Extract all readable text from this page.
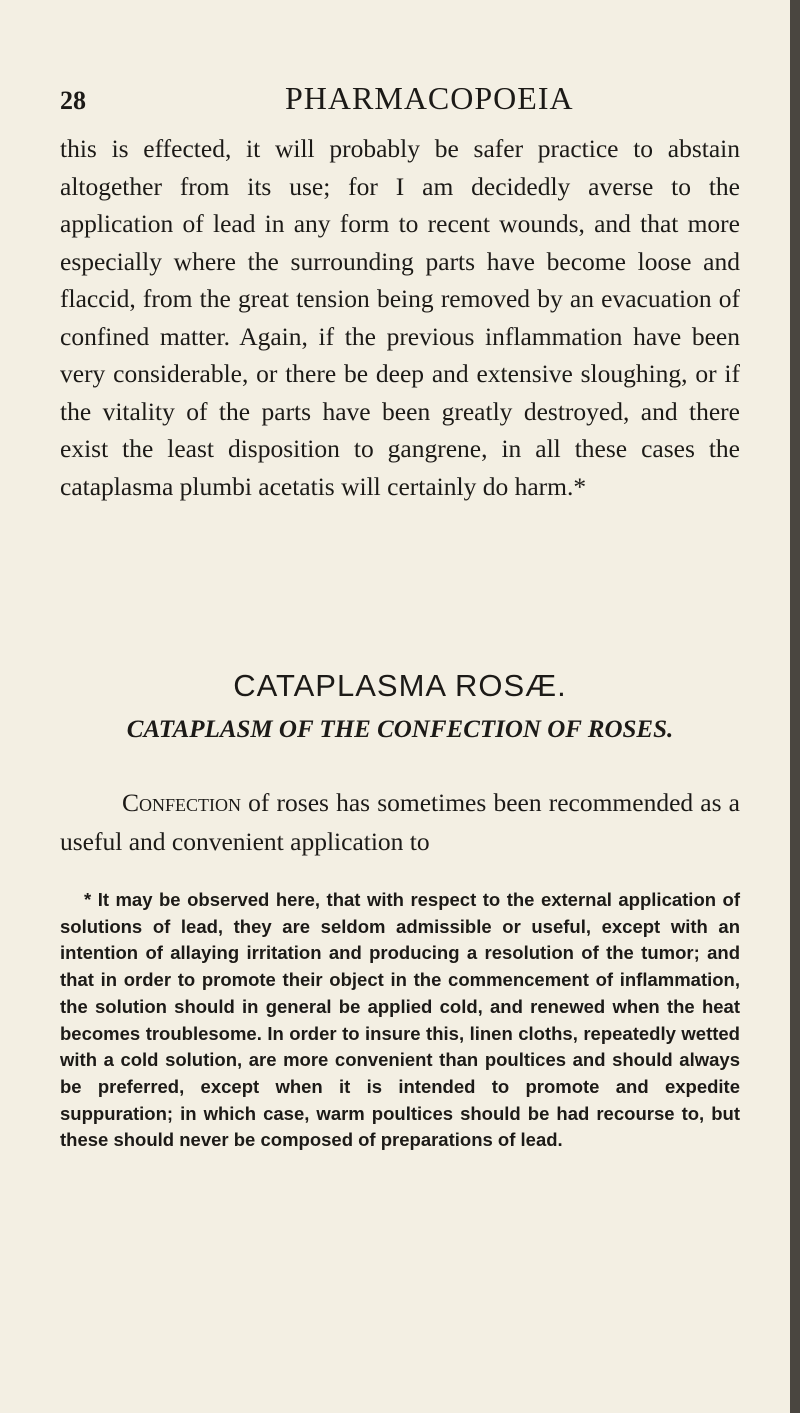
28	PHARMACOPOEIA

this is effected, it will probably be safer practice to abstain altogether from its use; for I am decidedly averse to the application of lead in any form to recent wounds, and that more especially where the surrounding parts have become loose and flaccid, from the great tension being removed by an evacuation of confined matter. Again, if the previous inflammation have been very considerable, or there be deep and extensive sloughing, or if the vitality of the parts have been greatly destroyed, and there exist the least disposition to gangrene, in all these cases the cataplasma plumbi acetatis will certainly do harm.*

CATAPLASMA ROSÆ.
CATAPLASM OF THE CONFECTION OF ROSES.
Confection of roses has sometimes been recommended as a useful and convenient application to
* It may be observed here, that with respect to the external application of solutions of lead, they are seldom admissible or useful, except with an intention of allaying irritation and producing a resolution of the tumor; and that in order to promote their object in the commencement of inflammation, the solution should in general be applied cold, and renewed when the heat becomes troublesome. In order to insure this, linen cloths, repeatedly wetted with a cold solution, are more convenient than poultices and should always be preferred, except when it is intended to promote and expedite suppuration; in which case, warm poultices should be had recourse to, but these should never be composed of preparations of lead.
